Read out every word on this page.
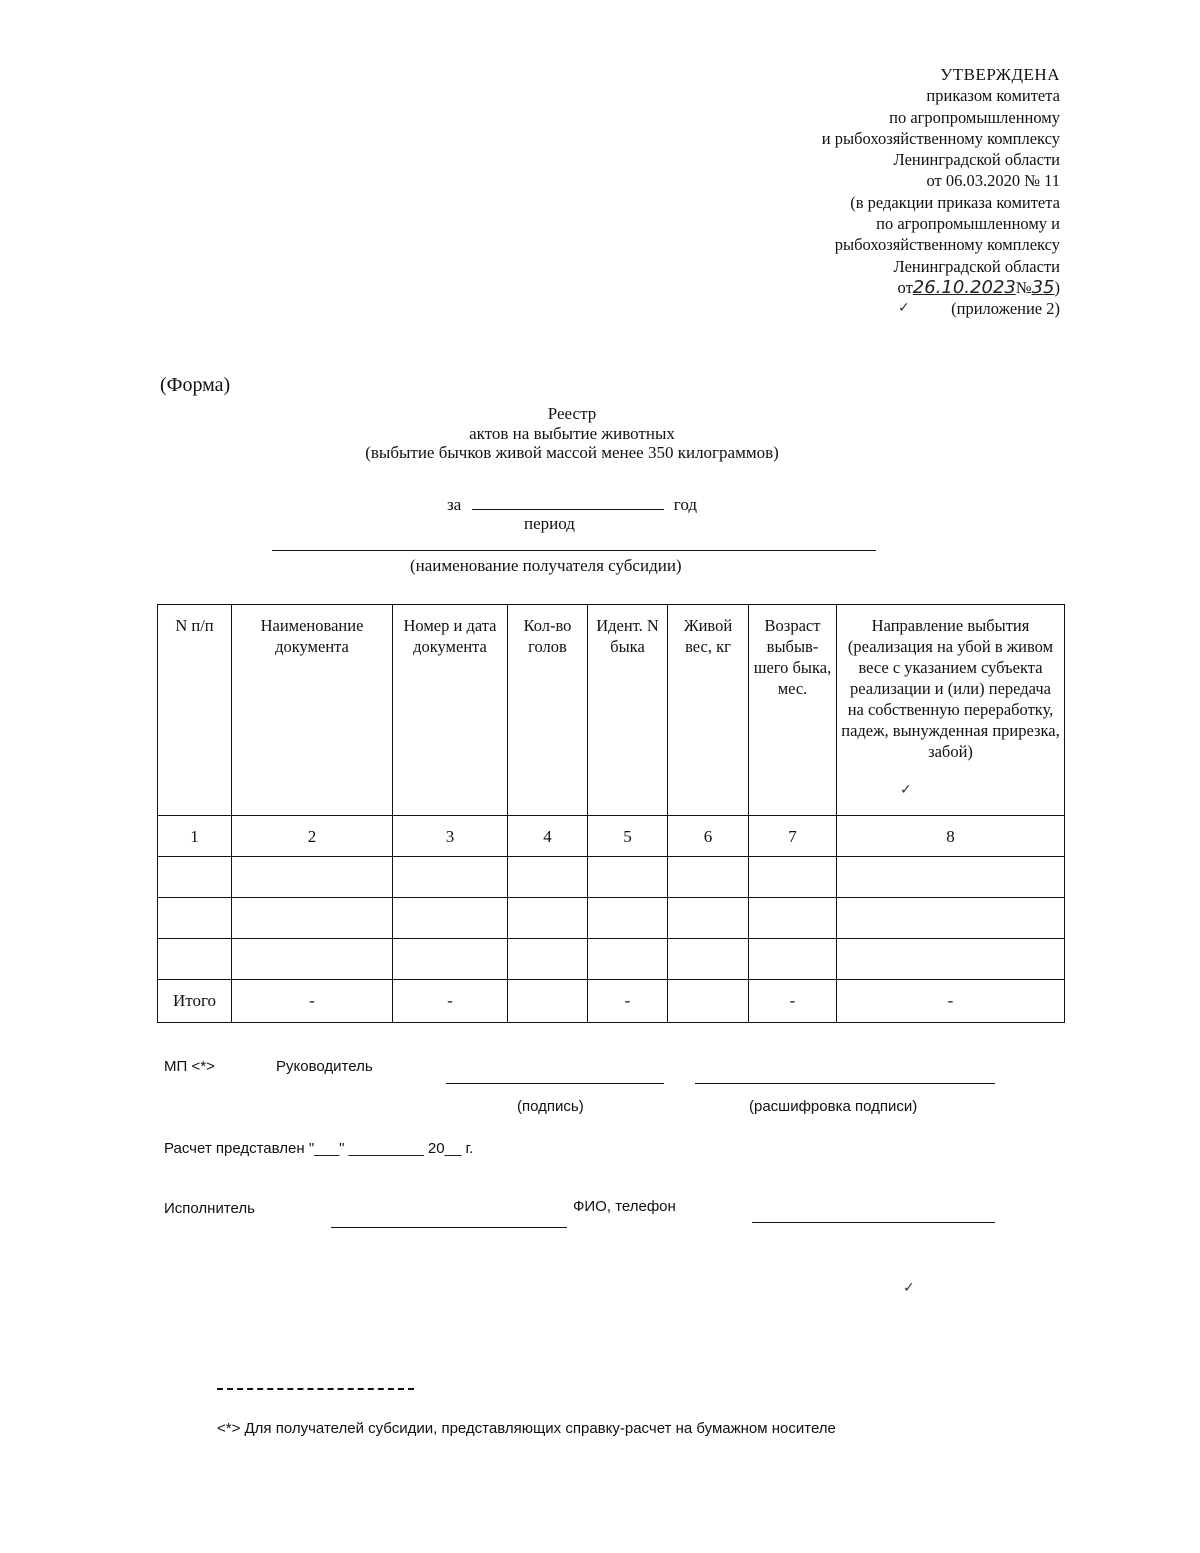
УТВЕРЖДЕНА
приказом комитета
по агропромышленному
и рыбохозяйственному комплексу
Ленинградской области
от 06.03.2020 № 11
(в редакции приказа комитета
по агропромышленному и
рыбохозяйственному комплексу
Ленинградской области
от26.10.2023№35)
(приложение 2)
✓
✓
✓
(Форма)
Реестр
актов на выбытие животных
(выбытие бычков живой массой менее 350 килограммов)
за	год
период
(наименование получателя субсидии)
N п/п	Наименование документа	Номер и дата документа	Кол-во голов	Идент. N быка	Живой вес, кг	Возраст выбыв-шего быка, мес.	Направление выбытия (реализация на убой в живом весе с указанием субъекта реализации и (или) передача на собственную переработку, падеж, вынужденная прирезка, забой)
1	2	3	4	5	6	7	8

Итого	-	-		-		-	-
МП <*>	Руководитель
(подпись)	(расшифровка подписи)
Расчет представлен "___" _________ 20__ г.
Исполнитель	ФИО, телефон
<*> Для получателей субсидии, представляющих справку-расчет на бумажном носителе
